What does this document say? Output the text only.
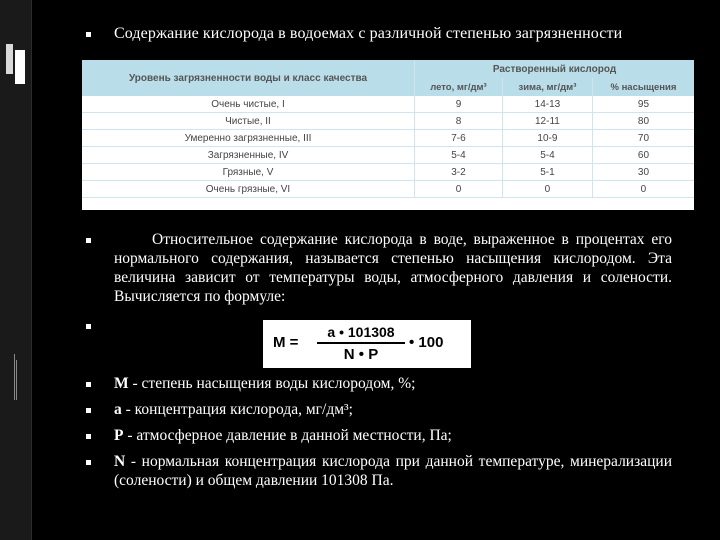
Содержание кислорода в водоемах с различной степенью загрязненности
Уровень загрязненности воды и класс качества	Растворенный кислород		
	лето, мг/дм³	зима, мг/дм³	% насыщения
Очень чистые, I	9	14-13	95
Чистые, II	8	12-11	80
Умеренно загрязненные, III	7-6	10-9	70
Загрязненные, IV	5-4	5-4	60
Грязные, V	3-2	5-1	30
Очень грязные, VI	0	0	0
Относительное содержание кислорода в воде, выраженное в процентах его нормального содержания, называется степенью насыщения кислородом. Эта величина зависит от температуры воды, атмосферного давления и солености. Вычисляется по формуле:
$M = \frac{a • 101308}{N • P}$ • 100
,где
M - степень насыщения воды кислородом, %;
a - концентрация кислорода, мг/дм³;
P - атмосферное давление в данной местности, Па;
N - нормальная концентрация кислорода при данной температуре, минерализации (солености) и общем давлении 101308 Па.
